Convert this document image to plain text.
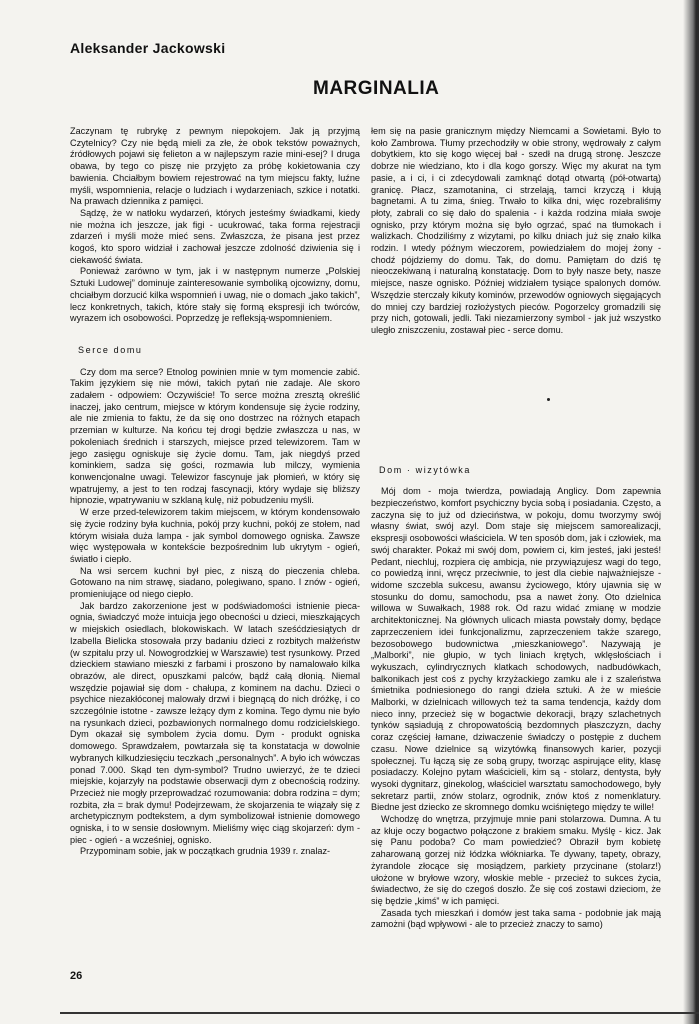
Aleksander Jackowski
MARGINALIA

Zaczynam tę rubrykę z pewnym niepokojem. Jak ją przyjmą Czytelnicy? Czy nie będą mieli za złe, że obok tekstów poważnych, źródłowych pojawi się felieton a w najlepszym razie mini-esej? I druga obawa, by tego co piszę nie przyjęto za próbę kokietowania czy bawienia. Chciałbym bowiem rejestrować na tym miejscu fakty, luźne myśli, wspomnienia, relacje o ludziach i wydarzeniach, szkice i notatki. Na prawach dziennika z pamięci.

Sądzę, że w natłoku wydarzeń, których jesteśmy świadkami, kiedy nie można ich jeszcze, jak figi - ucukrować, taka forma rejestracji zdarzeń i myśli może mieć sens. Zwłaszcza, że pisana jest przez kogoś, kto sporo widział i zachował jeszcze zdolność dziwienia się i ciekawość świata.

Ponieważ zarówno w tym, jak i w następnym numerze „Polskiej Sztuki Ludowej” dominuje zainteresowanie symboliką ojcowizny, domu, chciałbym dorzucić kilka wspomnień i uwag, nie o domach „jako takich”, lecz konkretnych, takich, które stały się formą ekspresji ich twórców, wyrazem ich osobowości. Poprzedzę je refleksją-wspomnieniem.

Serce domu

Czy dom ma serce? Etnolog powinien mnie w tym momencie zabić. Takim językiem się nie mówi, takich pytań nie zadaje. Ale skoro zadałem - odpowiem: Oczywiście! To serce można zresztą określić inaczej, jako centrum, miejsce w którym kondensuje się życie rodziny, ale nie zmienia to faktu, że da się ono dostrzec na różnych etapach przemian w kulturze. Na końcu tej drogi będzie zwłaszcza u nas, w pokoleniach średnich i starszych, miejsce przed telewizorem. Tam w jego zasięgu ogniskuje się życie domu. Tam, jak niegdyś przed kominkiem, sadza się gości, rozmawia lub milczy, wymienia konwencjonalne uwagi. Telewizor fascynuje jak płomień, w który się wpatrujemy, a jest to ten rodzaj fascynacji, który wydaje się bliższy hipnozie, wpatrywaniu w szklaną kulę, niż pobudzeniu myśli.

W erze przed-telewizorem takim miejscem, w którym kondensowało się życie rodziny była kuchnia, pokój przy kuchni, pokój ze stołem, nad którym wisiała duża lampa - jak symbol domowego ogniska. Zawsze więc występowała w kontekście bezpośrednim lub ukrytym - ogień, światło i ciepło.

Na wsi sercem kuchni był piec, z niszą do pieczenia chleba. Gotowano na nim strawę, siadano, polegiwano, spano. I znów - ogień, promieniujące od niego ciepło.

Jak bardzo zakorzenione jest w podświadomości istnienie pieca-ognia, świadczyć może intuicja jego obecności u dzieci, mieszkających w miejskich osiedlach, blokowiskach. W latach sześćdziesiątych dr Izabella Bielicka stosowała przy badaniu dzieci z rozbitych małżeństw (w szpitalu przy ul. Nowogrodzkiej w Warszawie) test rysunkowy. Przed dzieckiem stawiano mieszki z farbami i proszono by namalowało kilka obrazów, ale direct, opuszkami palców, bądź całą dłonią. Niemal wszędzie pojawiał się dom - chałupa, z kominem na dachu. Dzieci o psychice niezakłóconej malowały drzwi i biegnącą do nich dróżkę, i co szczególnie istotne - zawsze leżący dym z komina. Tego dymu nie było na rysunkach dzieci, pozbawionych normalnego domu rodzicielskiego. Dym okazał się symbolem życia domu. Dym - produkt ogniska domowego. Sprawdzałem, powtarzała się ta konstatacja w dowolnie wybranych kilkudziesięciu teczkach „personalnych”. A było ich wówczas ponad 7.000. Skąd ten dym-symbol? Trudno uwierzyć, że te dzieci miejskie, kojarzyły na podstawie obserwacji dym z obecnością rodziny. Przecież nie mogły przeprowadzać rozumowania: dobra rodzina = dym; rozbita, zła = brak dymu! Podejrzewam, że skojarzenia te wiązały się z archetypicznym podtekstem, a dym symbolizował istnienie domowego ogniska, i to w sensie dosłownym. Mieliśmy więc ciąg skojarzeń: dym - piec - ogień - a wcześniej, ognisko.

Przypominam sobie, jak w początkach grudnia 1939 r. znalaz-

łem się na pasie granicznym między Niemcami a Sowietami. Było to koło Zambrowa. Tłumy przechodziły w obie strony, wędrowały z całym dobytkiem, kto się kogo więcej bał - szedł na drugą stronę. Jeszcze dobrze nie wiedziano, kto i dla kogo gorszy. Więc my akurat na tym pasie, a i ci, i ci zdecydowali zamknąć dotąd otwartą (pół-otwartą) granicę. Płacz, szamotanina, ci strzelają, tamci krzyczą i kłują bagnetami. A tu zima, śnieg. Trwało to kilka dni, więc rozebraliśmy płoty, zabrali co się dało do spalenia - i każda rodzina miała swoje ognisko, przy którym można się było ogrzać, spać na tłumokach i walizkach. Chodziliśmy z wizytami, po kilku dniach już się znało kilka rodzin. I wtedy późnym wieczorem, powiedziałem do mojej żony - chodź pójdziemy do domu. Tak, do domu. Pamiętam do dziś tę nieoczekiwaną i naturalną konstatację. Dom to były nasze bety, nasze miejsce, nasze ognisko. Później widziałem tysiące spalonych domów. Wszędzie sterczały kikuty kominów, przewodów ogniowych sięgających do mniej czy bardziej rozłożystych pieców. Pogorzelcy gromadzili się przy nich, gotowali, jedli. Taki niezamierzony symbol - jak już wszystko uległo zniszczeniu, zostawał piec - serce domu.

Dom · wizytówka

Mój dom - moja twierdza, powiadają Anglicy. Dom zapewnia bezpieczeństwo, komfort psychiczny bycia sobą i posiadania. Często, a zaczyna się to już od dzieciństwa, w pokoju, domu tworzymy swój własny świat, swój azyl. Dom staje się miejscem samorealizacji, ekspresji osobowości właściciela. W ten sposób dom, jak i człowiek, ma swój charakter. Pokaż mi swój dom, powiem ci, kim jesteś, jaki jesteś! Pedant, niechluj, rozpiera cię ambicja, nie przywiązujesz wagi do tego, co powiedzą inni, wręcz przeciwnie, to jest dla ciebie najważniejsze - widome szczebla sukcesu, awansu życiowego, który ujawnia się w stosunku do domu, samochodu, psa a nawet żony. Oto dzielnica willowa w Suwałkach, 1988 rok. Od razu widać zmianę w modzie architektonicznej. Na głównych ulicach miasta powstały domy, będące zaprzeczeniem idei funkcjonalizmu, zaprzeczeniem także szarego, bezosobowego budownictwa „mieszkaniowego”. Nazywają je „Malborki”, nie głupio, w tych liniach krętych, wklęsłościach i wykuszach, cylindrycznych klatkach schodowych, nadbudówkach, balkonikach jest coś z pychy krzyżackiego zamku ale i z szaleństwa śmietnika podniesionego do rangi dzieła sztuki. A że w mieście Malborki, w dzielnicach willowych też ta sama tendencja, każdy dom nieco inny, przecież się w bogactwie dekoracji, brązy szlachetnych tynków sąsiadują z chropowatością bezdomnych płaszczyzn, dachy coraz częściej łamane, dziwaczenie świadczy o postępie z duchem czasu. Nowe dzielnice są wizytówką finansowych karier, pozycji społecznej. Tu łączą się ze sobą grupy, tworząc aspirujące elity, klasę posiadaczy. Kolejno pytam właścicieli, kim są - stolarz, dentysta, były wysoki dygnitarz, ginekolog, właściciel warsztatu samochodowego, były sekretarz partii, znów stolarz, ogrodnik, znów ktoś z nomenklatury. Biedne jest dziecko ze skromnego domku wciśniętego między te wille!

Wchodzę do wnętrza, przyjmuje mnie pani stolarzowa. Dumna. A tu az kłuje oczy bogactwo połączone z brakiem smaku. Myślę - kicz. Jak się Panu podoba? Co mam powiedzieć? Obraził bym kobietę zaharowaną gorzej niż łódzka włókniarka. Te dywany, tapety, obrazy, żyrandole złocące się mosiądzem, parkiety przycinane (stolarz!) ułożone w bryłowe wzory, włoskie meble - przecież to sukces życia, świadectwo, że się do czegoś doszło. Że się coś zostawi dzieciom, że się będzie „kimś” w ich pamięci.

Zasada tych mieszkań i domów jest taka sama - podobnie jak mają zamożni (bąd wpływowi - ale to przecież znaczy to samo)

26
